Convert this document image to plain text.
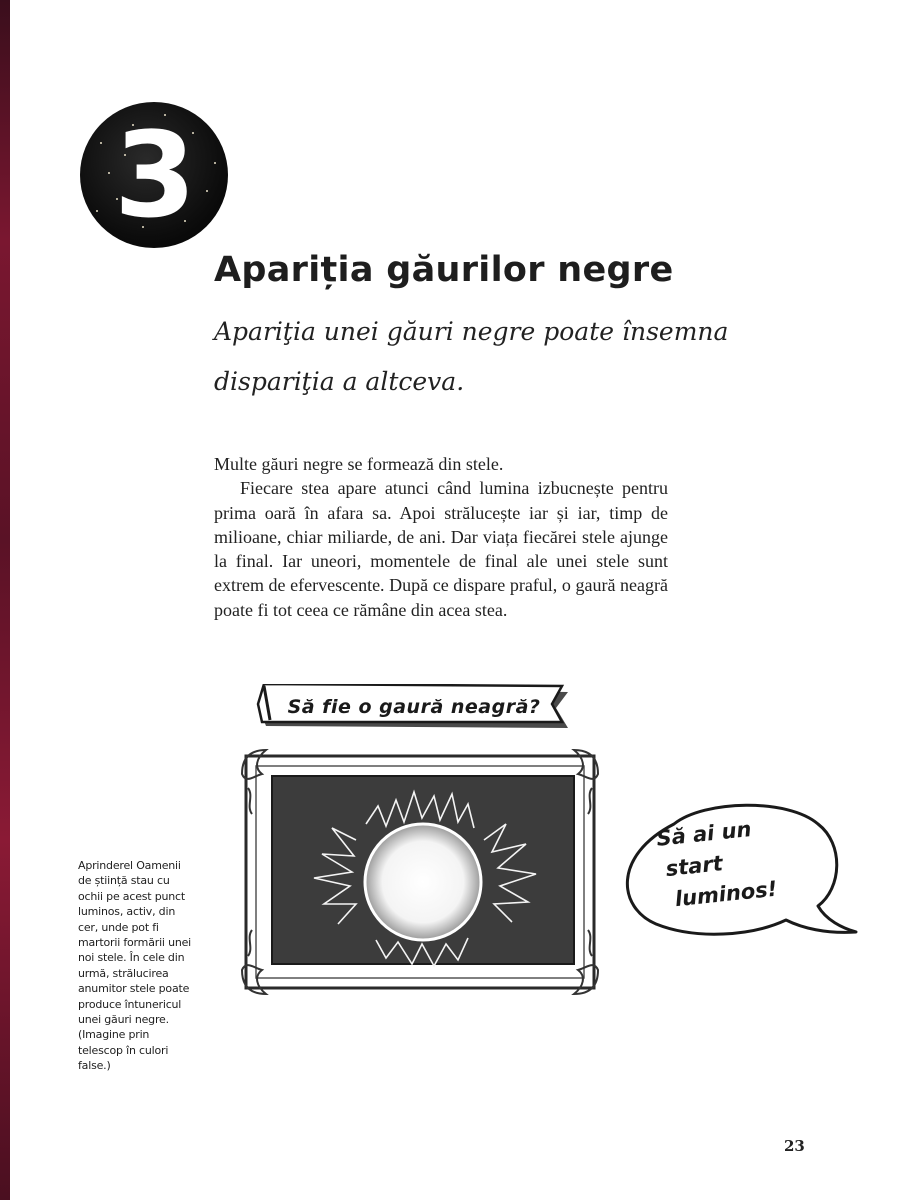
3
Apariția găurilor negre

Apariţia unei găuri negre poate însemna dispariţia a altceva.

Multe găuri negre se formează din stele.

Fiecare stea apare atunci când lumina izbucnește pentru prima oară în afara sa. Apoi strălucește iar și iar, timp de milioane, chiar miliarde, de ani. Dar viața fiecărei stele ajunge la final. Iar uneori, momentele de final ale unei stele sunt extrem de efervescente. După ce dispare praful, o gaură neagră poate fi tot ceea ce rămâne din acea stea.

Să fie o gaură neagră?
Să ai un
start
luminos!
Aprinderel Oamenii de știință stau cu ochii pe acest punct luminos, activ, din cer, unde pot fi martorii formării unei noi stele. În cele din urmă, strălucirea anumitor stele poate produce întunericul unei găuri negre. (Imagine prin telescop în culori false.)
23
